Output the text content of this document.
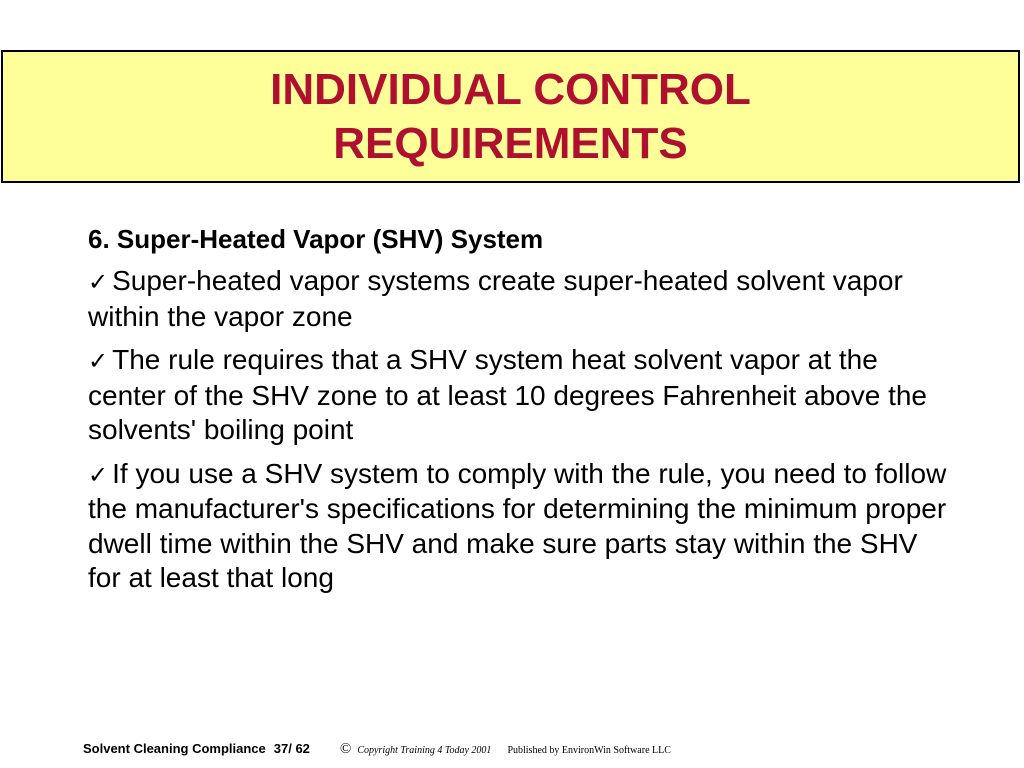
INDIVIDUAL CONTROL
REQUIREMENTS

6. Super-Heated Vapor (SHV) System

✓ Super-heated vapor systems create super-heated solvent vapor within the vapor zone

✓ The rule requires that a SHV system heat solvent vapor at the center of the SHV zone to at least 10 degrees Fahrenheit above the solvents' boiling point

✓ If you use a SHV system to comply with the rule, you need to follow the manufacturer's specifications for determining the minimum proper dwell time within the SHV and make sure parts stay within the SHV for at least that long

Solvent Cleaning Compliance 37/ 62 © Copyright Training 4 Today 2001 Published by EnvironWin Software LLC
